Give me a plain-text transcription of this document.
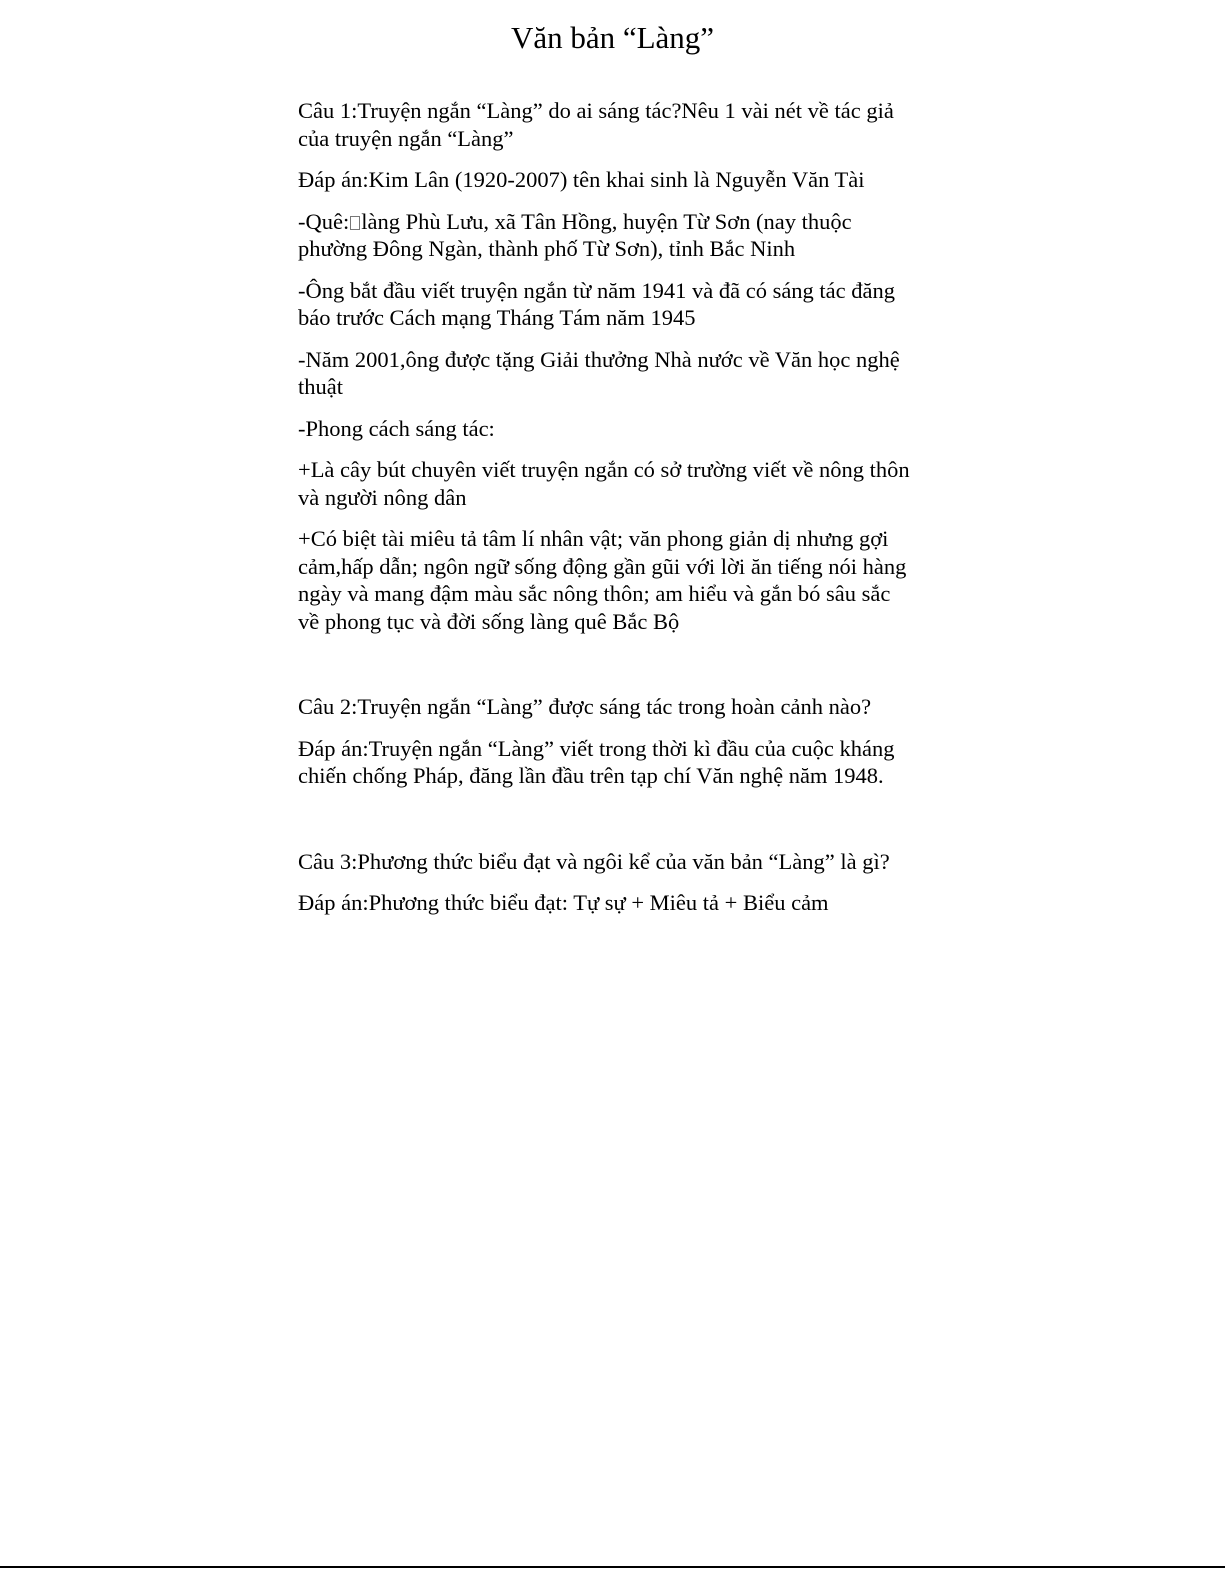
Văn bản “Làng”

Câu 1:Truyện ngắn “Làng” do ai sáng tác?Nêu 1 vài nét về tác giả của truyện ngắn “Làng”

Đáp án:Kim Lân (1920-2007) tên khai sinh là Nguyễn Văn Tài

-Quê: làng Phù Lưu, xã Tân Hồng, huyện Từ Sơn (nay thuộc phường Đông Ngàn, thành phố Từ Sơn), tỉnh Bắc Ninh

-Ông bắt đầu viết truyện ngắn từ năm 1941 và đã có sáng tác đăng báo trước Cách mạng Tháng Tám năm 1945

-Năm 2001,ông được tặng Giải thưởng Nhà nước về Văn học nghệ thuật

-Phong cách sáng tác:

+Là cây bút chuyên viết truyện ngắn có sở trường viết về nông thôn và người nông dân

+Có biệt tài miêu tả tâm lí nhân vật; văn phong giản dị nhưng gợi cảm,hấp dẫn; ngôn ngữ sống động gần gũi với lời ăn tiếng nói hàng ngày và mang đậm màu sắc nông thôn; am hiểu và gắn bó sâu sắc về phong tục và đời sống làng quê Bắc Bộ

Câu 2:Truyện ngắn “Làng” được sáng tác trong hoàn cảnh nào?

Đáp án:Truyện ngắn “Làng” viết trong thời kì đầu của cuộc kháng chiến chống Pháp, đăng lần đầu trên tạp chí Văn nghệ năm 1948.

Câu 3:Phương thức biểu đạt và ngôi kể của văn bản “Làng” là gì?

Đáp án:Phương thức biểu đạt: Tự sự + Miêu tả + Biểu cảm
